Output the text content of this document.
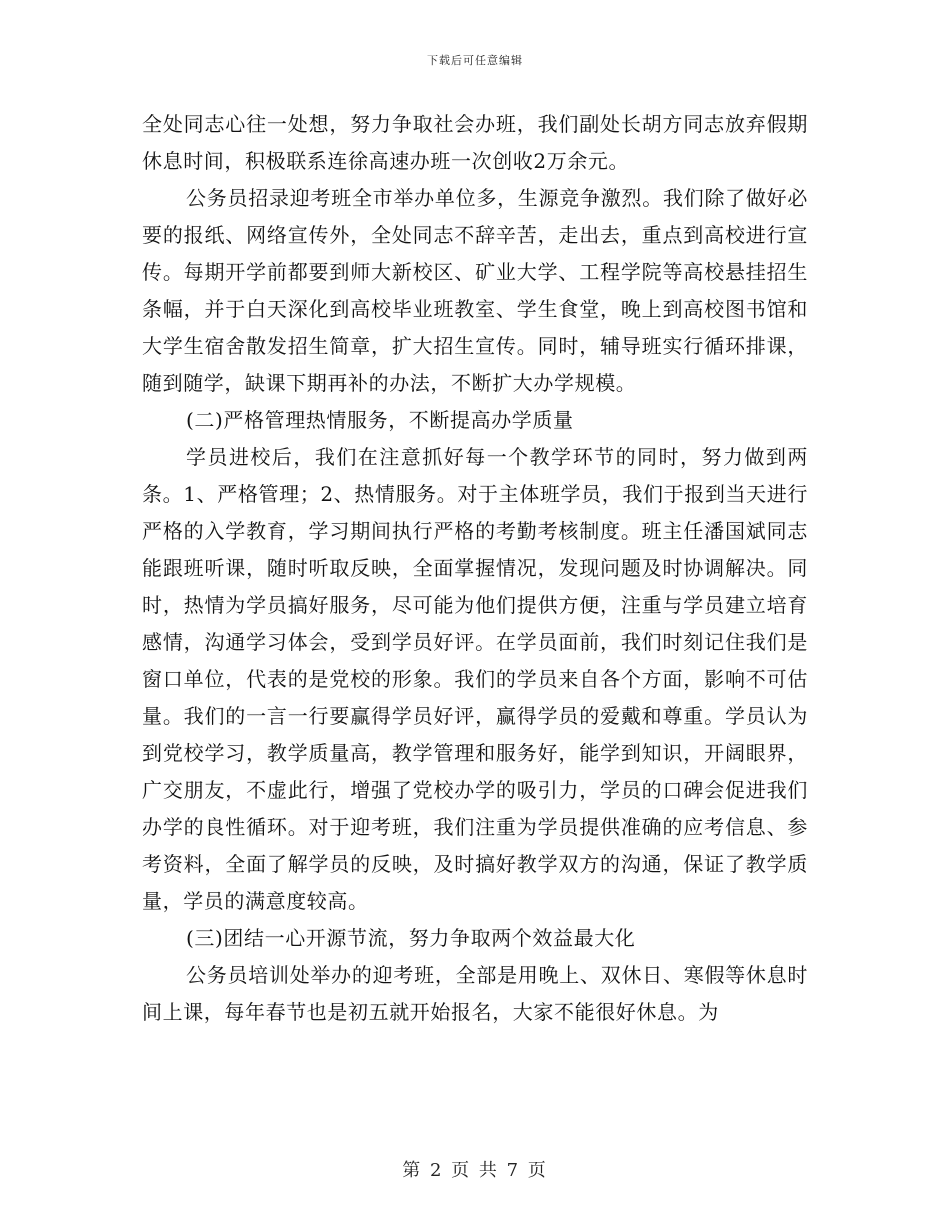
下载后可任意编辑

全处同志心往一处想，努力争取社会办班，我们副处长胡方同志放弃假期休息时间，积极联系连徐高速办班一次创收2万余元。

公务员招录迎考班全市举办单位多，生源竞争激烈。我们除了做好必要的报纸、网络宣传外，全处同志不辞辛苦，走出去，重点到高校进行宣传。每期开学前都要到师大新校区、矿业大学、工程学院等高校悬挂招生条幅，并于白天深化到高校毕业班教室、学生食堂，晚上到高校图书馆和大学生宿舍散发招生简章，扩大招生宣传。同时，辅导班实行循环排课，随到随学，缺课下期再补的办法，不断扩大办学规模。

(二)严格管理热情服务，不断提高办学质量

学员进校后，我们在注意抓好每一个教学环节的同时，努力做到两条。1、严格管理；2、热情服务。对于主体班学员，我们于报到当天进行严格的入学教育，学习期间执行严格的考勤考核制度。班主任潘国斌同志能跟班听课，随时听取反映，全面掌握情况，发现问题及时协调解决。同时，热情为学员搞好服务，尽可能为他们提供方便，注重与学员建立培育感情，沟通学习体会，受到学员好评。在学员面前，我们时刻记住我们是窗口单位，代表的是党校的形象。我们的学员来自各个方面，影响不可估量。我们的一言一行要赢得学员好评，赢得学员的爱戴和尊重。学员认为到党校学习，教学质量高，教学管理和服务好，能学到知识，开阔眼界，广交朋友，不虚此行，增强了党校办学的吸引力，学员的口碑会促进我们办学的良性循环。对于迎考班，我们注重为学员提供准确的应考信息、参考资料，全面了解学员的反映，及时搞好教学双方的沟通，保证了教学质量，学员的满意度较高。

(三)团结一心开源节流，努力争取两个效益最大化

公务员培训处举办的迎考班，全部是用晚上、双休日、寒假等休息时间上课，每年春节也是初五就开始报名，大家不能很好休息。为

第 2 页 共 7 页
